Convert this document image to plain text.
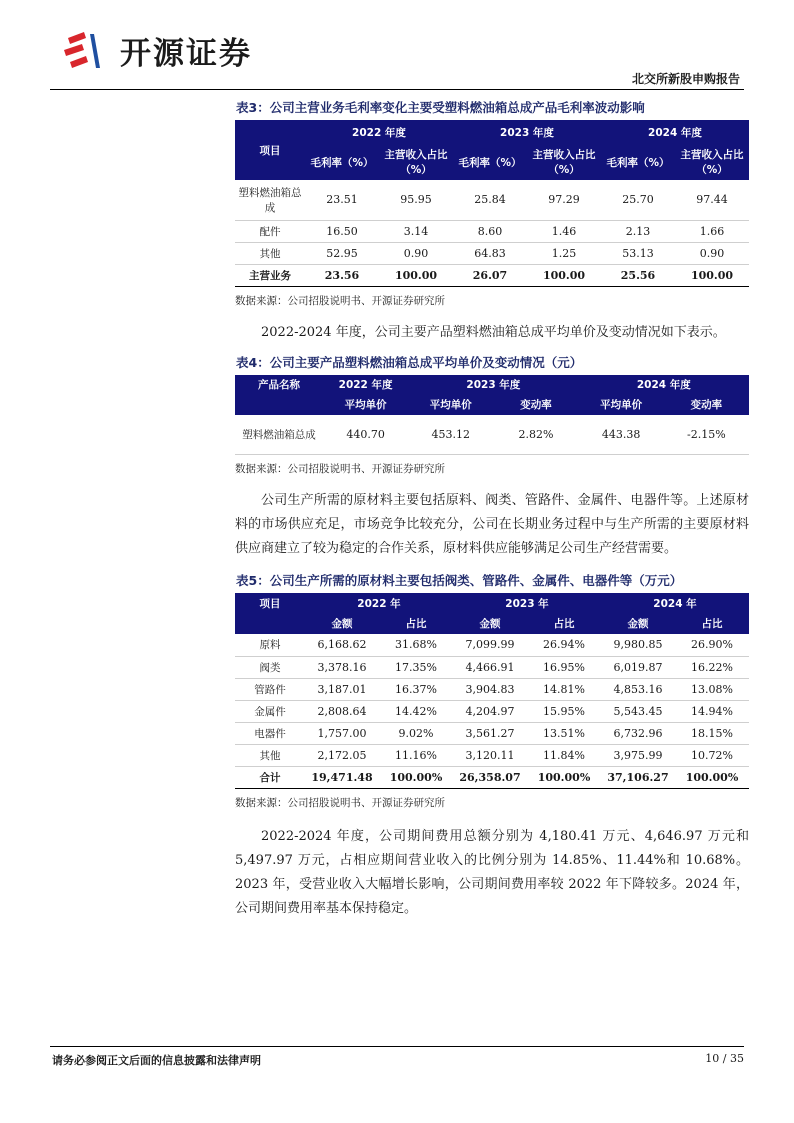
开源证券
北交所新股申购报告
表3：公司主营业务毛利率变化主要受塑料燃油箱总成产品毛利率波动影响
项目	2022 年度		2023 年度		2024 年度	
	毛利率（%）	主营收入占比（%）	毛利率（%）	主营收入占比（%）	毛利率（%）	主营收入占比（%）
塑料燃油箱总成	23.51	95.95	25.84	97.29	25.70	97.44
配件	16.50	3.14	8.60	1.46	2.13	1.66
其他	52.95	0.90	64.83	1.25	53.13	0.90
主营业务	23.56	100.00	26.07	100.00	25.56	100.00
数据来源：公司招股说明书、开源证券研究所

2022-2024 年度，公司主要产品塑料燃油箱总成平均单价及变动情况如下表示。

表4：公司主要产品塑料燃油箱总成平均单价及变动情况（元）
产品名称	2022 年度	2023 年度		2024 年度	
	平均单价	平均单价	变动率	平均单价	变动率
塑料燃油箱总成	440.70	453.12	2.82%	443.38	-2.15%
数据来源：公司招股说明书、开源证券研究所

公司生产所需的原材料主要包括原料、阀类、管路件、金属件、电器件等。上述原材料的市场供应充足，市场竞争比较充分，公司在长期业务过程中与生产所需的主要原材料供应商建立了较为稳定的合作关系，原材料供应能够满足公司生产经营需要。

表5：公司生产所需的原材料主要包括阀类、管路件、金属件、电器件等（万元）
项目	2022 年		2023 年		2024 年	
	金额	占比	金额	占比	金额	占比
原料	6,168.62	31.68%	7,099.99	26.94%	9,980.85	26.90%
阀类	3,378.16	17.35%	4,466.91	16.95%	6,019.87	16.22%
管路件	3,187.01	16.37%	3,904.83	14.81%	4,853.16	13.08%
金属件	2,808.64	14.42%	4,204.97	15.95%	5,543.45	14.94%
电器件	1,757.00	9.02%	3,561.27	13.51%	6,732.96	18.15%
其他	2,172.05	11.16%	3,120.11	11.84%	3,975.99	10.72%
合计	19,471.48	100.00%	26,358.07	100.00%	37,106.27	100.00%
数据来源：公司招股说明书、开源证券研究所

2022-2024 年度，公司期间费用总额分别为 4,180.41 万元、4,646.97 万元和 5,497.97 万元，占相应期间营业收入的比例分别为 14.85%、11.44%和 10.68%。2023 年，受营业收入大幅增长影响，公司期间费用率较 2022 年下降较多。2024 年，公司期间费用率基本保持稳定。

请务必参阅正文后面的信息披露和法律声明	10 / 35
